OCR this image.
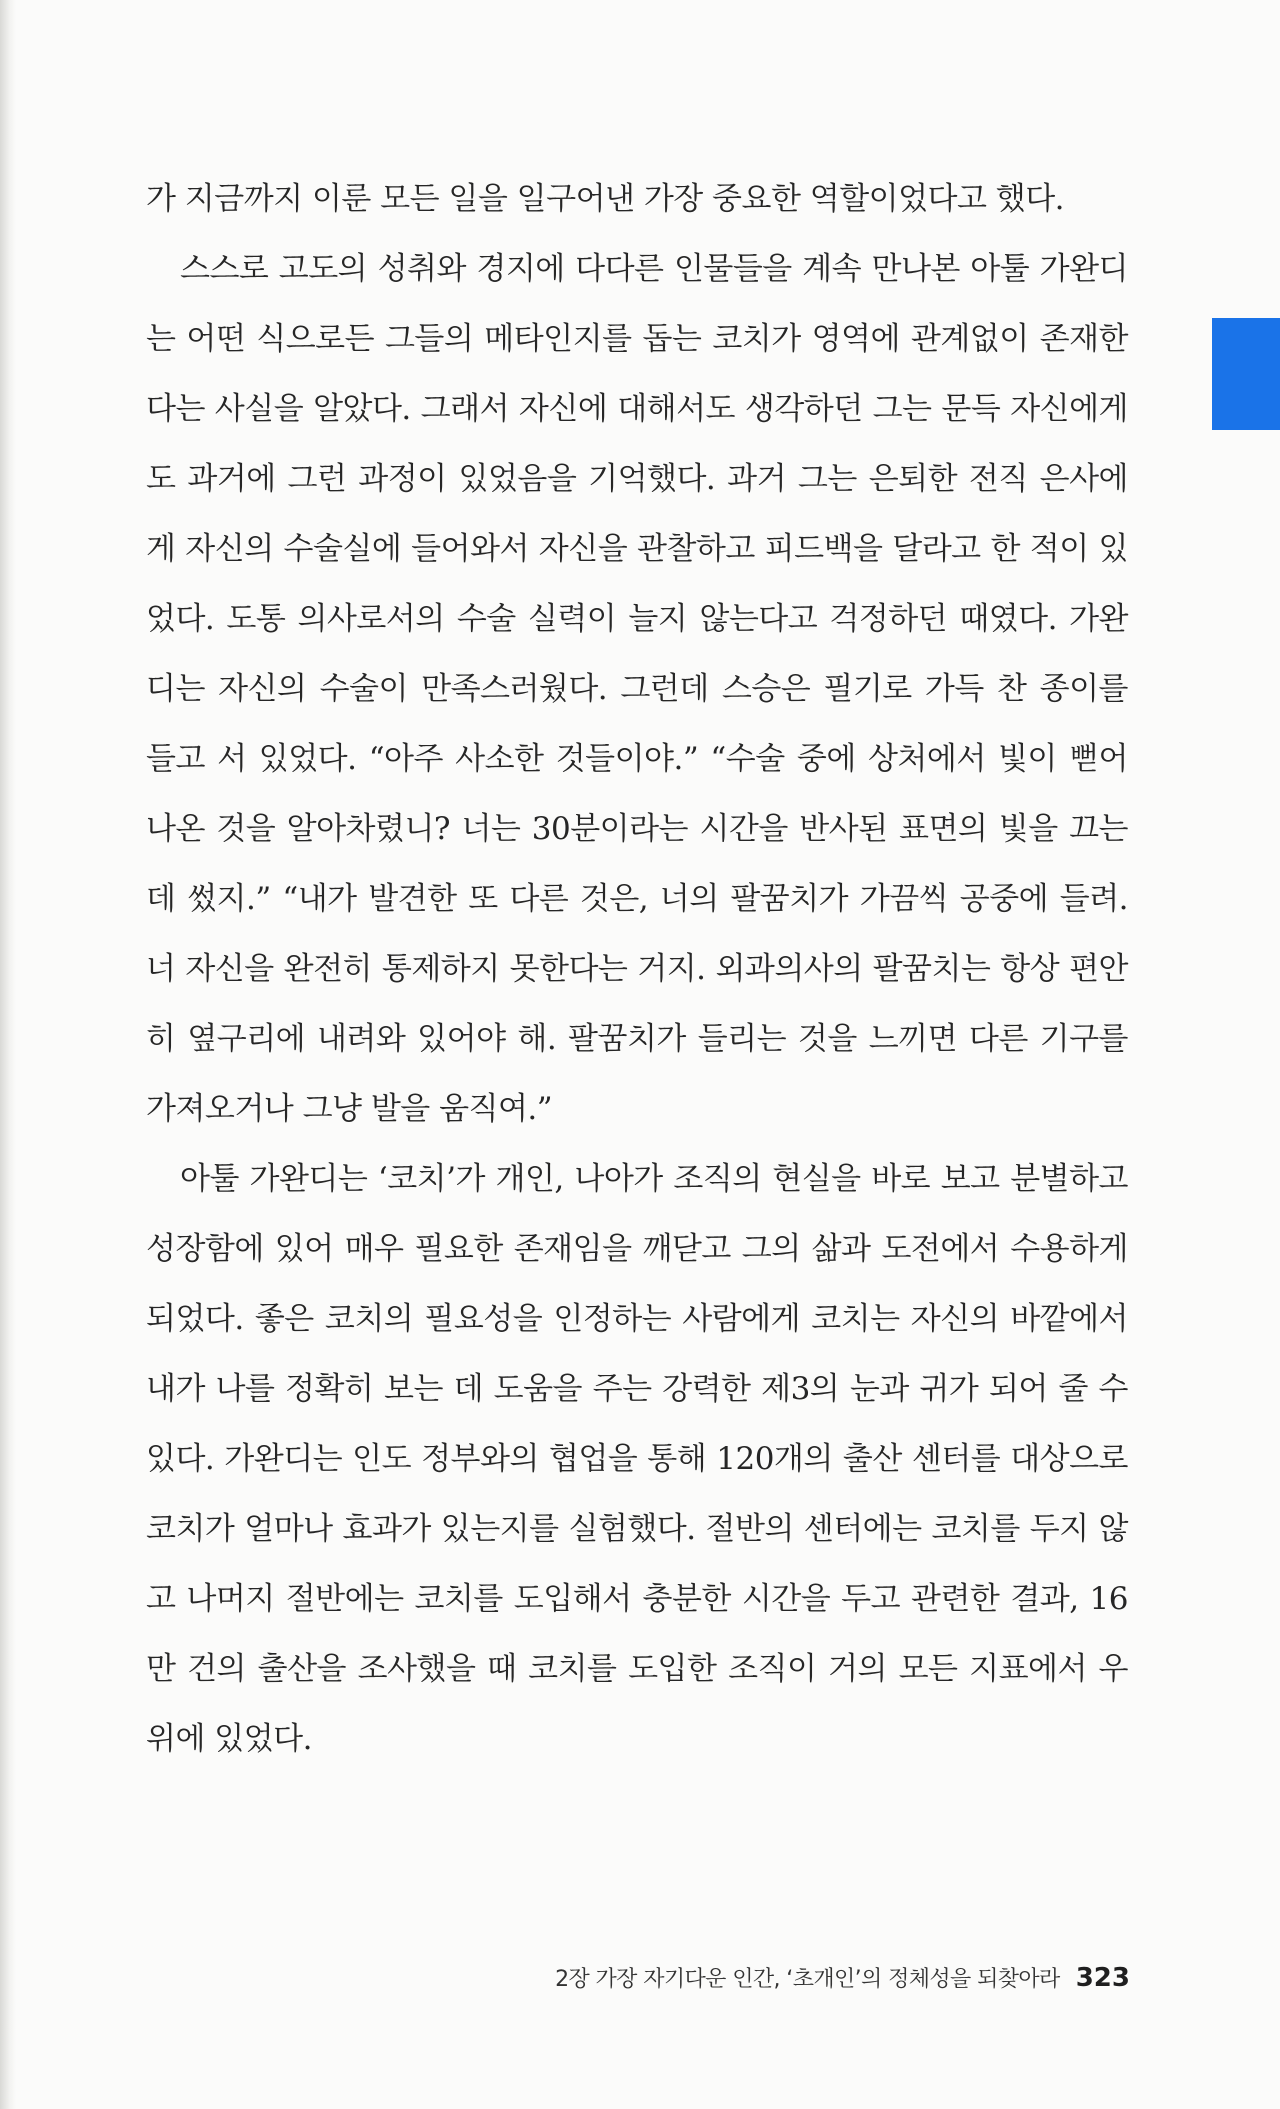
가 지금까지 이룬 모든 일을 일구어낸 가장 중요한 역할이었다고 했다.

스스로 고도의 성취와 경지에 다다른 인물들을 계속 만나본 아툴 가완디는 어떤 식으로든 그들의 메타인지를 돕는 코치가 영역에 관계없이 존재한다는 사실을 알았다. 그래서 자신에 대해서도 생각하던 그는 문득 자신에게도 과거에 그런 과정이 있었음을 기억했다. 과거 그는 은퇴한 전직 은사에게 자신의 수술실에 들어와서 자신을 관찰하고 피드백을 달라고 한 적이 있었다. 도통 의사로서의 수술 실력이 늘지 않는다고 걱정하던 때였다. 가완디는 자신의 수술이 만족스러웠다. 그런데 스승은 필기로 가득 찬 종이를 들고 서 있었다. “아주 사소한 것들이야.” “수술 중에 상처에서 빛이 뻗어 나온 것을 알아차렸니? 너는 30분이라는 시간을 반사된 표면의 빛을 끄는 데 썼지.” “내가 발견한 또 다른 것은, 너의 팔꿈치가 가끔씩 공중에 들려. 너 자신을 완전히 통제하지 못한다는 거지. 외과의사의 팔꿈치는 항상 편안히 옆구리에 내려와 있어야 해. 팔꿈치가 들리는 것을 느끼면 다른 기구를 가져오거나 그냥 발을 움직여.”

아툴 가완디는 ‘코치’가 개인, 나아가 조직의 현실을 바로 보고 분별하고 성장함에 있어 매우 필요한 존재임을 깨닫고 그의 삶과 도전에서 수용하게 되었다. 좋은 코치의 필요성을 인정하는 사람에게 코치는 자신의 바깥에서 내가 나를 정확히 보는 데 도움을 주는 강력한 제3의 눈과 귀가 되어 줄 수 있다. 가완디는 인도 정부와의 협업을 통해 120개의 출산 센터를 대상으로 코치가 얼마나 효과가 있는지를 실험했다. 절반의 센터에는 코치를 두지 않고 나머지 절반에는 코치를 도입해서 충분한 시간을 두고 관련한 결과, 16만 건의 출산을 조사했을 때 코치를 도입한 조직이 거의 모든 지표에서 우위에 있었다.

2장 가장 자기다운 인간, ‘초개인’의 정체성을 되찾아라 323
